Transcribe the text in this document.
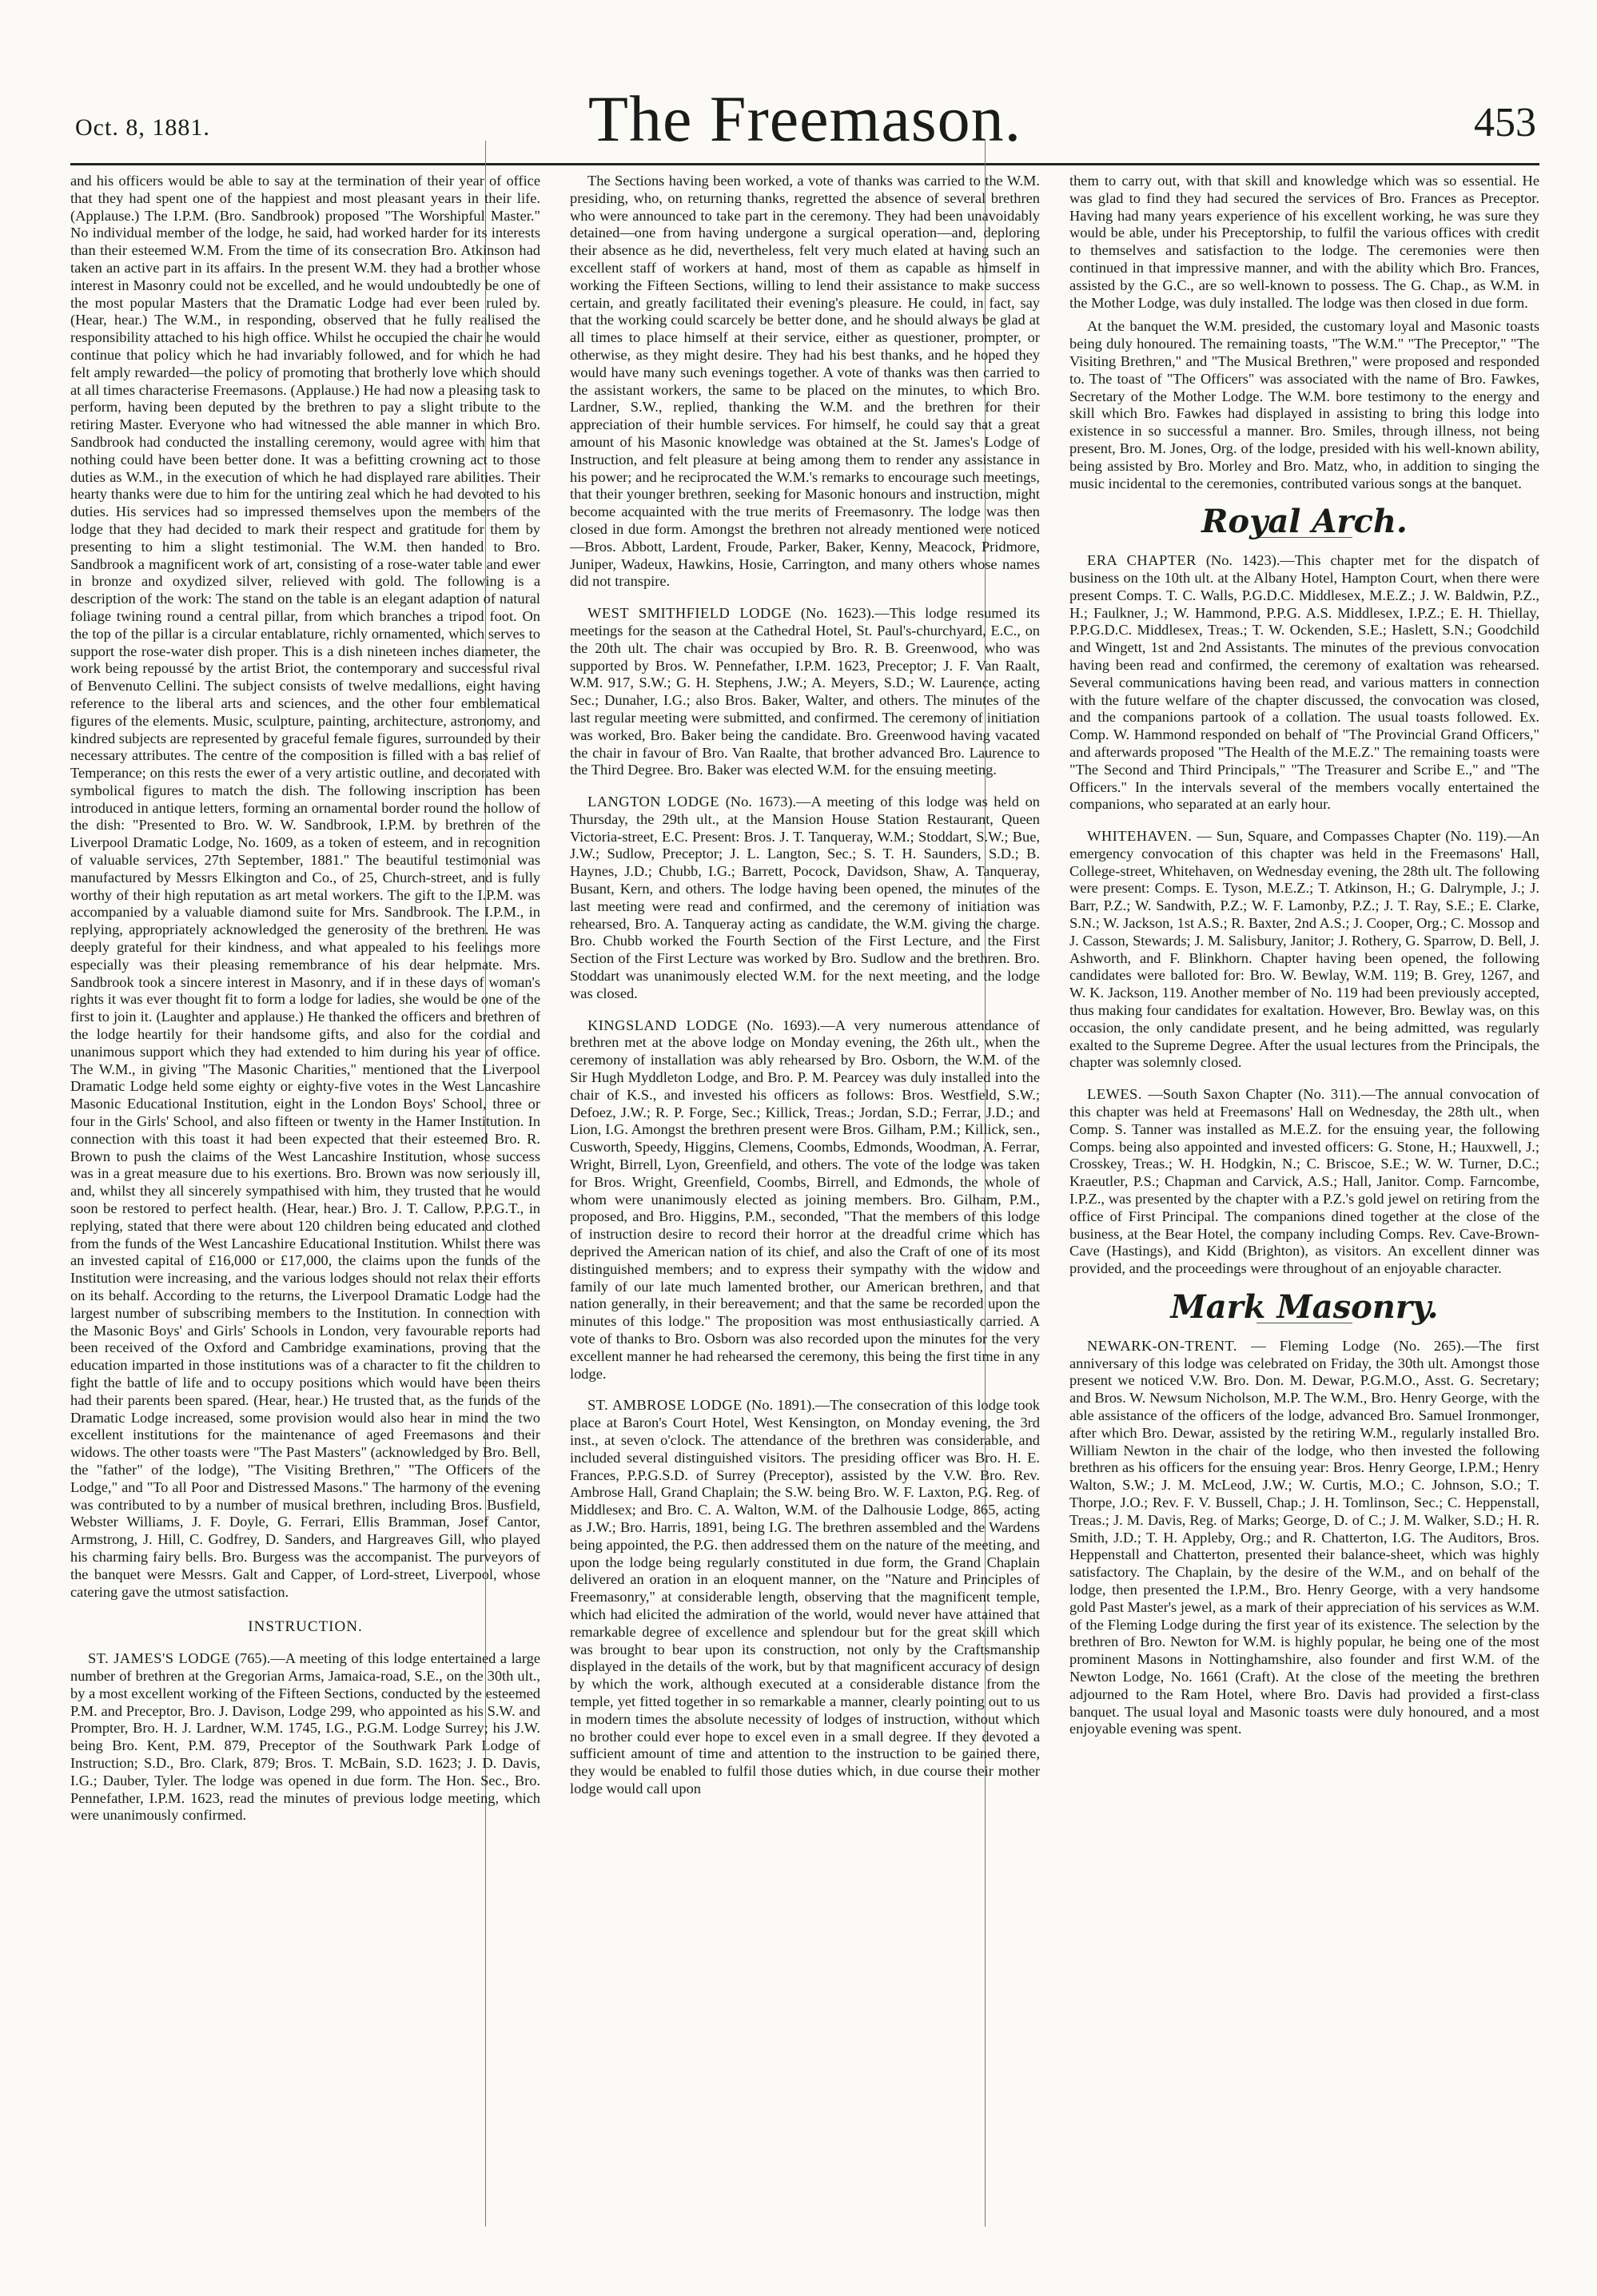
Oct. 8, 1881.	The Freemason.	453

and his officers would be able to say at the termination of their year of office that they had spent one of the happiest and most pleasant years in their life. (Applause.) The I.P.M. (Bro. Sandbrook) proposed "The Worshipful Master." No individual member of the lodge, he said, had worked harder for its interests than their esteemed W.M. From the time of its consecration Bro. Atkinson had taken an active part in its affairs. In the present W.M. they had a brother whose interest in Masonry could not be excelled, and he would undoubtedly be one of the most popular Masters that the Dramatic Lodge had ever been ruled by. (Hear, hear.) The W.M., in responding, observed that he fully realised the responsibility attached to his high office. Whilst he occupied the chair he would continue that policy which he had invariably followed, and for which he had felt amply rewarded—the policy of promoting that brotherly love which should at all times characterise Freemasons. (Applause.) He had now a pleasing task to perform, having been deputed by the brethren to pay a slight tribute to the retiring Master. Everyone who had witnessed the able manner in which Bro. Sandbrook had conducted the installing ceremony, would agree with him that nothing could have been better done. It was a befitting crowning act to those duties as W.M., in the execution of which he had displayed rare abilities. Their hearty thanks were due to him for the untiring zeal which he had devoted to his duties. His services had so impressed themselves upon the members of the lodge that they had decided to mark their respect and gratitude for them by presenting to him a slight testimonial. The W.M. then handed to Bro. Sandbrook a magnificent work of art, consisting of a rose-water table and ewer in bronze and oxydized silver, relieved with gold. The following is a description of the work: The stand on the table is an elegant adaption of natural foliage twining round a central pillar, from which branches a tripod foot. On the top of the pillar is a circular entablature, richly ornamented, which serves to support the rose-water dish proper. This is a dish nineteen inches diameter, the work being repoussé by the artist Briot, the contemporary and successful rival of Benvenuto Cellini. The subject consists of twelve medallions, eight having reference to the liberal arts and sciences, and the other four emblematical figures of the elements. Music, sculpture, painting, architecture, astronomy, and kindred subjects are represented by graceful female figures, surrounded by their necessary attributes. The centre of the composition is filled with a bas relief of Temperance; on this rests the ewer of a very artistic outline, and decorated with symbolical figures to match the dish. The following inscription has been introduced in antique letters, forming an ornamental border round the hollow of the dish: "Presented to Bro. W. W. Sandbrook, I.P.M. by brethren of the Liverpool Dramatic Lodge, No. 1609, as a token of esteem, and in recognition of valuable services, 27th September, 1881." The beautiful testimonial was manufactured by Messrs Elkington and Co., of 25, Church-street, and is fully worthy of their high reputation as art metal workers. The gift to the I.P.M. was accompanied by a valuable diamond suite for Mrs. Sandbrook. The I.P.M., in replying, appropriately acknowledged the generosity of the brethren. He was deeply grateful for their kindness, and what appealed to his feelings more especially was their pleasing remembrance of his dear helpmate. Mrs. Sandbrook took a sincere interest in Masonry, and if in these days of woman's rights it was ever thought fit to form a lodge for ladies, she would be one of the first to join it. (Laughter and applause.) He thanked the officers and brethren of the lodge heartily for their handsome gifts, and also for the cordial and unanimous support which they had extended to him during his year of office. The W.M., in giving "The Masonic Charities," mentioned that the Liverpool Dramatic Lodge held some eighty or eighty-five votes in the West Lancashire Masonic Educational Institution, eight in the London Boys' School, three or four in the Girls' School, and also fifteen or twenty in the Hamer Institution. In connection with this toast it had been expected that their esteemed Bro. R. Brown to push the claims of the West Lancashire Institution, whose success was in a great measure due to his exertions. Bro. Brown was now seriously ill, and, whilst they all sincerely sympathised with him, they trusted that he would soon be restored to perfect health. (Hear, hear.) Bro. J. T. Callow, P.P.G.T., in replying, stated that there were about 120 children being educated and clothed from the funds of the West Lancashire Educational Institution. Whilst there was an invested capital of £16,000 or £17,000, the claims upon the funds of the Institution were increasing, and the various lodges should not relax their efforts on its behalf. According to the returns, the Liverpool Dramatic Lodge had the largest number of subscribing members to the Institution. In connection with the Masonic Boys' and Girls' Schools in London, very favourable reports had been received of the Oxford and Cambridge examinations, proving that the education imparted in those institutions was of a character to fit the children to fight the battle of life and to occupy positions which would have been theirs had their parents been spared. (Hear, hear.) He trusted that, as the funds of the Dramatic Lodge increased, some provision would also hear in mind the two excellent institutions for the maintenance of aged Freemasons and their widows. The other toasts were "The Past Masters" (acknowledged by Bro. Bell, the "father" of the lodge), "The Visiting Brethren," "The Officers of the Lodge," and "To all Poor and Distressed Masons." The harmony of the evening was contributed to by a number of musical brethren, including Bros. Busfield, Webster Williams, J. F. Doyle, G. Ferrari, Ellis Bramman, Josef Cantor, Armstrong, J. Hill, C. Godfrey, D. Sanders, and Hargreaves Gill, who played his charming fairy bells. Bro. Burgess was the accompanist. The purveyors of the banquet were Messrs. Galt and Capper, of Lord-street, Liverpool, whose catering gave the utmost satisfaction.

INSTRUCTION.

ST. JAMES'S LODGE (765).—A meeting of this lodge entertained a large number of brethren at the Gregorian Arms, Jamaica-road, S.E., on the 30th ult., by a most excellent working of the Fifteen Sections, conducted by the esteemed P.M. and Preceptor, Bro. J. Davison, Lodge 299, who appointed as his S.W. and Prompter, Bro. H. J. Lardner, W.M. 1745, I.G., P.G.M. Lodge Surrey; his J.W. being Bro. Kent, P.M. 879, Preceptor of the Southwark Park Lodge of Instruction; S.D., Bro. Clark, 879; Bros. T. McBain, S.D. 1623; J. D. Davis, I.G.; Dauber, Tyler. The lodge was opened in due form. The Hon. Sec., Bro. Pennefather, I.P.M. 1623, read the minutes of previous lodge meeting, which were unanimously confirmed.

The Sections having been worked, a vote of thanks was carried to the W.M. presiding, who, on returning thanks, regretted the absence of several brethren who were announced to take part in the ceremony. They had been unavoidably detained—one from having undergone a surgical operation—and, deploring their absence as he did, nevertheless, felt very much elated at having such an excellent staff of workers at hand, most of them as capable as himself in working the Fifteen Sections, willing to lend their assistance to make success certain, and greatly facilitated their evening's pleasure. He could, in fact, say that the working could scarcely be better done, and he should always be glad at all times to place himself at their service, either as questioner, prompter, or otherwise, as they might desire. They had his best thanks, and he hoped they would have many such evenings together. A vote of thanks was then carried to the assistant workers, the same to be placed on the minutes, to which Bro. Lardner, S.W., replied, thanking the W.M. and the brethren for their appreciation of their humble services. For himself, he could say that a great amount of his Masonic knowledge was obtained at the St. James's Lodge of Instruction, and felt pleasure at being among them to render any assistance in his power; and he reciprocated the W.M.'s remarks to encourage such meetings, that their younger brethren, seeking for Masonic honours and instruction, might become acquainted with the true merits of Freemasonry. The lodge was then closed in due form. Amongst the brethren not already mentioned were noticed—Bros. Abbott, Lardent, Froude, Parker, Baker, Kenny, Meacock, Pridmore, Juniper, Wadeux, Hawkins, Hosie, Carrington, and many others whose names did not transpire.

WEST SMITHFIELD LODGE (No. 1623).—This lodge resumed its meetings for the season at the Cathedral Hotel, St. Paul's-churchyard, E.C., on the 20th ult. The chair was occupied by Bro. R. B. Greenwood, who was supported by Bros. W. Pennefather, I.P.M. 1623, Preceptor; J. F. Van Raalt, W.M. 917, S.W.; G. H. Stephens, J.W.; A. Meyers, S.D.; W. Laurence, acting Sec.; Dunaher, I.G.; also Bros. Baker, Walter, and others. The minutes of the last regular meeting were submitted, and confirmed. The ceremony of initiation was worked, Bro. Baker being the candidate. Bro. Greenwood having vacated the chair in favour of Bro. Van Raalte, that brother advanced Bro. Laurence to the Third Degree. Bro. Baker was elected W.M. for the ensuing meeting.

LANGTON LODGE (No. 1673).—A meeting of this lodge was held on Thursday, the 29th ult., at the Mansion House Station Restaurant, Queen Victoria-street, E.C. Present: Bros. J. T. Tanqueray, W.M.; Stoddart, S.W.; Bue, J.W.; Sudlow, Preceptor; J. L. Langton, Sec.; S. T. H. Saunders, S.D.; B. Haynes, J.D.; Chubb, I.G.; Barrett, Pocock, Davidson, Shaw, A. Tanqueray, Busant, Kern, and others. The lodge having been opened, the minutes of the last meeting were read and confirmed, and the ceremony of initiation was rehearsed, Bro. A. Tanqueray acting as candidate, the W.M. giving the charge. Bro. Chubb worked the Fourth Section of the First Lecture, and the First Section of the First Lecture was worked by Bro. Sudlow and the brethren. Bro. Stoddart was unanimously elected W.M. for the next meeting, and the lodge was closed.

KINGSLAND LODGE (No. 1693).—A very numerous attendance of brethren met at the above lodge on Monday evening, the 26th ult., when the ceremony of installation was ably rehearsed by Bro. Osborn, the W.M. of the Sir Hugh Myddleton Lodge, and Bro. P. M. Pearcey was duly installed into the chair of K.S., and invested his officers as follows: Bros. Westfield, S.W.; Defoez, J.W.; R. P. Forge, Sec.; Killick, Treas.; Jordan, S.D.; Ferrar, J.D.; and Lion, I.G. Amongst the brethren present were Bros. Gilham, P.M.; Killick, sen., Cusworth, Speedy, Higgins, Clemens, Coombs, Edmonds, Woodman, A. Ferrar, Wright, Birrell, Lyon, Greenfield, and others. The vote of the lodge was taken for Bros. Wright, Greenfield, Coombs, Birrell, and Edmonds, the whole of whom were unanimously elected as joining members. Bro. Gilham, P.M., proposed, and Bro. Higgins, P.M., seconded, "That the members of this lodge of instruction desire to record their horror at the dreadful crime which has deprived the American nation of its chief, and also the Craft of one of its most distinguished members; and to express their sympathy with the widow and family of our late much lamented brother, our American brethren, and that nation generally, in their bereavement; and that the same be recorded upon the minutes of this lodge." The proposition was most enthusiastically carried. A vote of thanks to Bro. Osborn was also recorded upon the minutes for the very excellent manner he had rehearsed the ceremony, this being the first time in any lodge.

ST. AMBROSE LODGE (No. 1891).—The consecration of this lodge took place at Baron's Court Hotel, West Kensington, on Monday evening, the 3rd inst., at seven o'clock. The attendance of the brethren was considerable, and included several distinguished visitors. The presiding officer was Bro. H. E. Frances, P.P.G.S.D. of Surrey (Preceptor), assisted by the V.W. Bro. Rev. Ambrose Hall, Grand Chaplain; the S.W. being Bro. W. F. Laxton, P.G. Reg. of Middlesex; and Bro. C. A. Walton, W.M. of the Dalhousie Lodge, 865, acting as J.W.; Bro. Harris, 1891, being I.G. The brethren assembled and the Wardens being appointed, the P.G. then addressed them on the nature of the meeting, and upon the lodge being regularly constituted in due form, the Grand Chaplain delivered an oration in an eloquent manner, on the "Nature and Principles of Freemasonry," at considerable length, observing that the magnificent temple, which had elicited the admiration of the world, would never have attained that remarkable degree of excellence and splendour but for the great skill which was brought to bear upon its construction, not only by the Craftsmanship displayed in the details of the work, but by that magnificent accuracy of design by which the work, although executed at a considerable distance from the temple, yet fitted together in so remarkable a manner, clearly pointing out to us in modern times the absolute necessity of lodges of instruction, without which no brother could ever hope to excel even in a small degree. If they devoted a sufficient amount of time and attention to the instruction to be gained there, they would be enabled to fulfil those duties which, in due course their mother lodge would call upon

them to carry out, with that skill and knowledge which was so essential. He was glad to find they had secured the services of Bro. Frances as Preceptor. Having had many years experience of his excellent working, he was sure they would be able, under his Preceptorship, to fulfil the various offices with credit to themselves and satisfaction to the lodge. The ceremonies were then continued in that impressive manner, and with the ability which Bro. Frances, assisted by the G.C., are so well-known to possess. The G. Chap., as W.M. in the Mother Lodge, was duly installed. The lodge was then closed in due form.

At the banquet the W.M. presided, the customary loyal and Masonic toasts being duly honoured. The remaining toasts, "The W.M." "The Preceptor," "The Visiting Brethren," and "The Musical Brethren," were proposed and responded to. The toast of "The Officers" was associated with the name of Bro. Fawkes, Secretary of the Mother Lodge. The W.M. bore testimony to the energy and skill which Bro. Fawkes had displayed in assisting to bring this lodge into existence in so successful a manner. Bro. Smiles, through illness, not being present, Bro. M. Jones, Org. of the lodge, presided with his well-known ability, being assisted by Bro. Morley and Bro. Matz, who, in addition to singing the music incidental to the ceremonies, contributed various songs at the banquet.

Royal Arch.

ERA CHAPTER (No. 1423).—This chapter met for the dispatch of business on the 10th ult. at the Albany Hotel, Hampton Court, when there were present Comps. T. C. Walls, P.G.D.C. Middlesex, M.E.Z.; J. W. Baldwin, P.Z., H.; Faulkner, J.; W. Hammond, P.P.G. A.S. Middlesex, I.P.Z.; E. H. Thiellay, P.P.G.D.C. Middlesex, Treas.; T. W. Ockenden, S.E.; Haslett, S.N.; Goodchild and Wingett, 1st and 2nd Assistants. The minutes of the previous convocation having been read and confirmed, the ceremony of exaltation was rehearsed. Several communications having been read, and various matters in connection with the future welfare of the chapter discussed, the convocation was closed, and the companions partook of a collation. The usual toasts followed. Ex. Comp. W. Hammond responded on behalf of "The Provincial Grand Officers," and afterwards proposed "The Health of the M.E.Z." The remaining toasts were "The Second and Third Principals," "The Treasurer and Scribe E.," and "The Officers." In the intervals several of the members vocally entertained the companions, who separated at an early hour.

WHITEHAVEN. — Sun, Square, and Compasses Chapter (No. 119).—An emergency convocation of this chapter was held in the Freemasons' Hall, College-street, Whitehaven, on Wednesday evening, the 28th ult. The following were present: Comps. E. Tyson, M.E.Z.; T. Atkinson, H.; G. Dalrymple, J.; J. Barr, P.Z.; W. Sandwith, P.Z.; W. F. Lamonby, P.Z.; J. T. Ray, S.E.; E. Clarke, S.N.; W. Jackson, 1st A.S.; R. Baxter, 2nd A.S.; J. Cooper, Org.; C. Mossop and J. Casson, Stewards; J. M. Salisbury, Janitor; J. Rothery, G. Sparrow, D. Bell, J. Ashworth, and F. Blinkhorn. Chapter having been opened, the following candidates were balloted for: Bro. W. Bewlay, W.M. 119; B. Grey, 1267, and W. K. Jackson, 119. Another member of No. 119 had been previously accepted, thus making four candidates for exaltation. However, Bro. Bewlay was, on this occasion, the only candidate present, and he being admitted, was regularly exalted to the Supreme Degree. After the usual lectures from the Principals, the chapter was solemnly closed.

LEWES. —South Saxon Chapter (No. 311).—The annual convocation of this chapter was held at Freemasons' Hall on Wednesday, the 28th ult., when Comp. S. Tanner was installed as M.E.Z. for the ensuing year, the following Comps. being also appointed and invested officers: G. Stone, H.; Hauxwell, J.; Crosskey, Treas.; W. H. Hodgkin, N.; C. Briscoe, S.E.; W. W. Turner, D.C.; Kraeutler, P.S.; Chapman and Carvick, A.S.; Hall, Janitor. Comp. Farncombe, I.P.Z., was presented by the chapter with a P.Z.'s gold jewel on retiring from the office of First Principal. The companions dined together at the close of the business, at the Bear Hotel, the company including Comps. Rev. Cave-Brown-Cave (Hastings), and Kidd (Brighton), as visitors. An excellent dinner was provided, and the proceedings were throughout of an enjoyable character.

Mark Masonry.

NEWARK-ON-TRENT. — Fleming Lodge (No. 265).—The first anniversary of this lodge was celebrated on Friday, the 30th ult. Amongst those present we noticed V.W. Bro. Don. M. Dewar, P.G.M.O., Asst. G. Secretary; and Bros. W. Newsum Nicholson, M.P. The W.M., Bro. Henry George, with the able assistance of the officers of the lodge, advanced Bro. Samuel Ironmonger, after which Bro. Dewar, assisted by the retiring W.M., regularly installed Bro. William Newton in the chair of the lodge, who then invested the following brethren as his officers for the ensuing year: Bros. Henry George, I.P.M.; Henry Walton, S.W.; J. M. McLeod, J.W.; W. Curtis, M.O.; C. Johnson, S.O.; T. Thorpe, J.O.; Rev. F. V. Bussell, Chap.; J. H. Tomlinson, Sec.; C. Heppenstall, Treas.; J. M. Davis, Reg. of Marks; George, D. of C.; J. M. Walker, S.D.; H. R. Smith, J.D.; T. H. Appleby, Org.; and R. Chatterton, I.G. The Auditors, Bros. Heppenstall and Chatterton, presented their balance-sheet, which was highly satisfactory. The Chaplain, by the desire of the W.M., and on behalf of the lodge, then presented the I.P.M., Bro. Henry George, with a very handsome gold Past Master's jewel, as a mark of their appreciation of his services as W.M. of the Fleming Lodge during the first year of its existence. The selection by the brethren of Bro. Newton for W.M. is highly popular, he being one of the most prominent Masons in Nottinghamshire, also founder and first W.M. of the Newton Lodge, No. 1661 (Craft). At the close of the meeting the brethren adjourned to the Ram Hotel, where Bro. Davis had provided a first-class banquet. The usual loyal and Masonic toasts were duly honoured, and a most enjoyable evening was spent.
